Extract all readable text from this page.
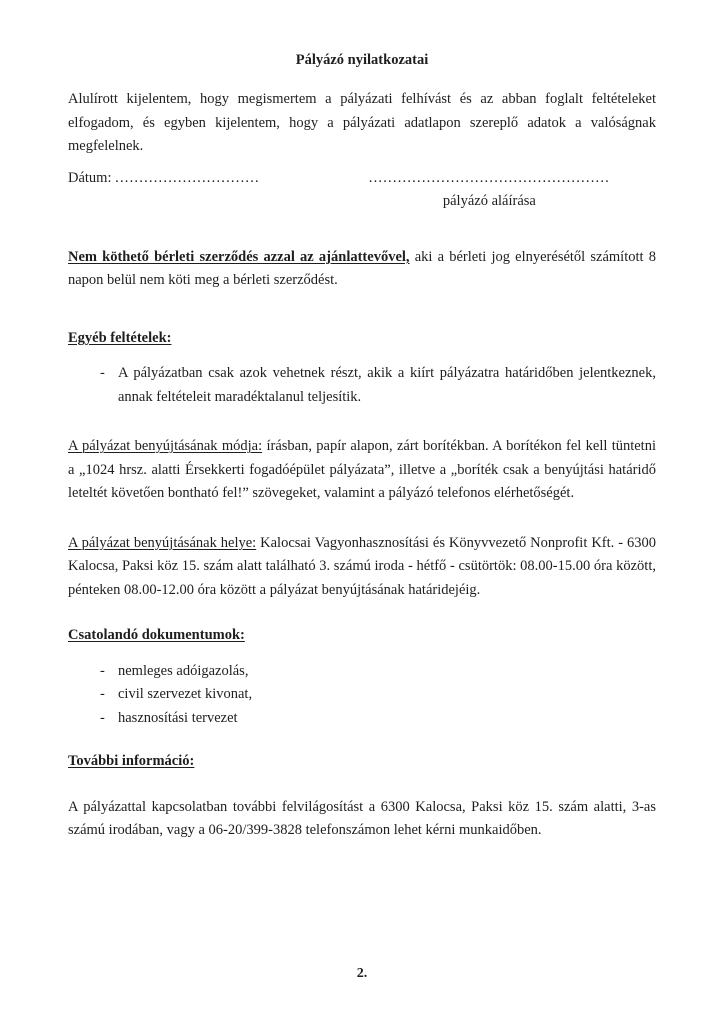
Pályázó nyilatkozatai

Alulírott kijelentem, hogy megismertem a pályázati felhívást és az abban foglalt feltételeket elfogadom, és egyben kijelentem, hogy a pályázati adatlapon szereplő adatok a valóságnak megfelelnek.

Dátum: ..............................	..................................................
pályázó aláírása

Nem köthető bérleti szerződés azzal az ajánlattevővel, aki a bérleti jog elnyerésétől számított 8 napon belül nem köti meg a bérleti szerződést.

Egyéb feltételek:
- A pályázatban csak azok vehetnek részt, akik a kiírt pályázatra határidőben jelentkeznek, annak feltételeit maradéktalanul teljesítik.

A pályázat benyújtásának módja: írásban, papír alapon, zárt borítékban. A borítékon fel kell tüntetni a „1024 hrsz. alatti Érsekkerti fogadóépület pályázata”, illetve a „boríték csak a benyújtási határidő leteltét követően bontható fel!” szövegeket, valamint a pályázó telefonos elérhetőségét.

A pályázat benyújtásának helye: Kalocsai Vagyonhasznosítási és Könyvvezető Nonprofit Kft. - 6300 Kalocsa, Paksi köz 15. szám alatt található 3. számú iroda - hétfő - csütörtök: 08.00-15.00 óra között, pénteken 08.00-12.00 óra között a pályázat benyújtásának határidejéig.

Csatolandó dokumentumok:
- nemleges adóigazolás,
- civil szervezet kivonat,
- hasznosítási tervezet
További információ:

A pályázattal kapcsolatban további felvilágosítást a 6300 Kalocsa, Paksi köz 15. szám alatti, 3-as számú irodában, vagy a 06-20/399-3828 telefonszámon lehet kérni munkaidőben.

2.
